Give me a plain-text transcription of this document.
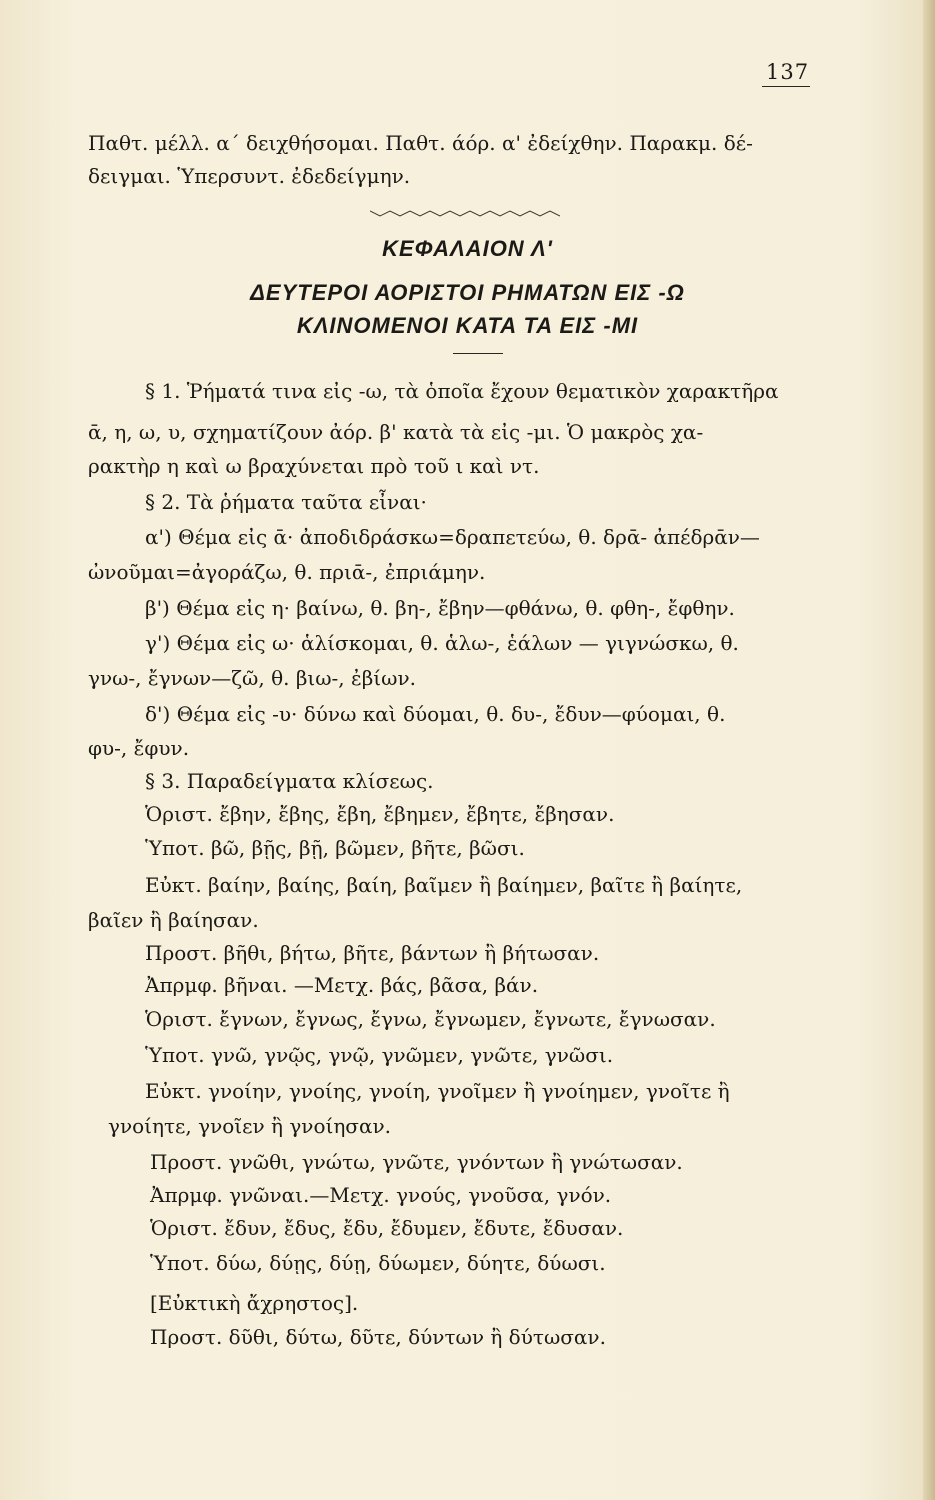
137
Παθτ. μέλλ. α΄ δειχθήσομαι. Παθτ. άόρ. α' ἐδείχθην. Παρακμ. δέ-
δειγμαι. Ὑπερσυντ. ἐδεδείγμην.
ΚΕΦΑΛΑΙΟΝ Λ'
ΔΕΥΤΕΡΟΙ ΑΟΡΙΣΤΟΙ ΡΗΜΑΤΩΝ ΕΙΣ -Ω
ΚΛΙΝΟΜΕΝΟΙ ΚΑΤΑ ΤΑ ΕΙΣ -ΜΙ
§ 1. Ῥήματά τινα εἰς -ω, τὰ ὁποῖα ἔχουν θεματικὸν χαρακτῆρα
ᾱ, η, ω, υ, σχηματίζουν ἀόρ. β' κατὰ τὰ εἰς -μι. Ὁ μακρὸς χα-
ρακτὴρ η καὶ ω βραχύνεται πρὸ τοῦ ι καὶ ντ.
§ 2. Τὰ ῥήματα ταῦτα εἶναι·
α') Θέμα εἰς ᾱ· ἀποδιδράσκω=δραπετεύω, θ. δρᾱ- ἀπέδρᾱν—
ὠνοῦμαι=ἀγοράζω, θ. πριᾱ-, ἐπριάμην.
β') Θέμα εἰς η· βαίνω, θ. βη-, ἔβην—φθάνω, θ. φθη-, ἔφθην.
γ') Θέμα εἰς ω· ἁλίσκομαι, θ. ἁλω-, ἑάλων — γιγνώσκω, θ.
γνω-, ἔγνων—ζῶ, θ. βιω-, ἐβίων.
δ') Θέμα εἰς -υ· δύνω καὶ δύομαι, θ. δυ-, ἔδυν—φύομαι, θ.
φυ-, ἔφυν.
§ 3. Παραδείγματα κλίσεως.
Ὁριστ. ἔβην, ἔβης, ἔβη, ἔβημεν, ἔβητε, ἔβησαν.
Ὑποτ. βῶ, βῇς, βῇ, βῶμεν, βῆτε, βῶσι.
Εὐκτ. βαίην, βαίης, βαίη, βαῖμεν ἢ βαίημεν, βαῖτε ἢ βαίητε,
βαῖεν ἢ βαίησαν.
Προστ. βῆθι, βήτω, βῆτε, βάντων ἢ βήτωσαν.
Ἀπρμφ. βῆναι. —Μετχ. βάς, βᾶσα, βάν.
Ὁριστ. ἔγνων, ἔγνως, ἔγνω, ἔγνωμεν, ἔγνωτε, ἔγνωσαν.
Ὑποτ. γνῶ, γνῷς, γνῷ, γνῶμεν, γνῶτε, γνῶσι.
Εὐκτ. γνοίην, γνοίης, γνοίη, γνοῖμεν ἢ γνοίημεν, γνοῖτε ἢ
γνοίητε, γνοῖεν ἢ γνοίησαν.
Προστ. γνῶθι, γνώτω, γνῶτε, γνόντων ἢ γνώτωσαν.
Ἀπρμφ. γνῶναι.—Μετχ. γνούς, γνοῦσα, γνόν.
Ὁριστ. ἔδυν, ἔδυς, ἔδυ, ἔδυμεν, ἔδυτε, ἔδυσαν.
Ὑποτ. δύω, δύῃς, δύῃ, δύωμεν, δύητε, δύωσι.
[Εὐκτικὴ ἄχρηστος].
Προστ. δῦθι, δύτω, δῦτε, δύντων ἢ δύτωσαν.
